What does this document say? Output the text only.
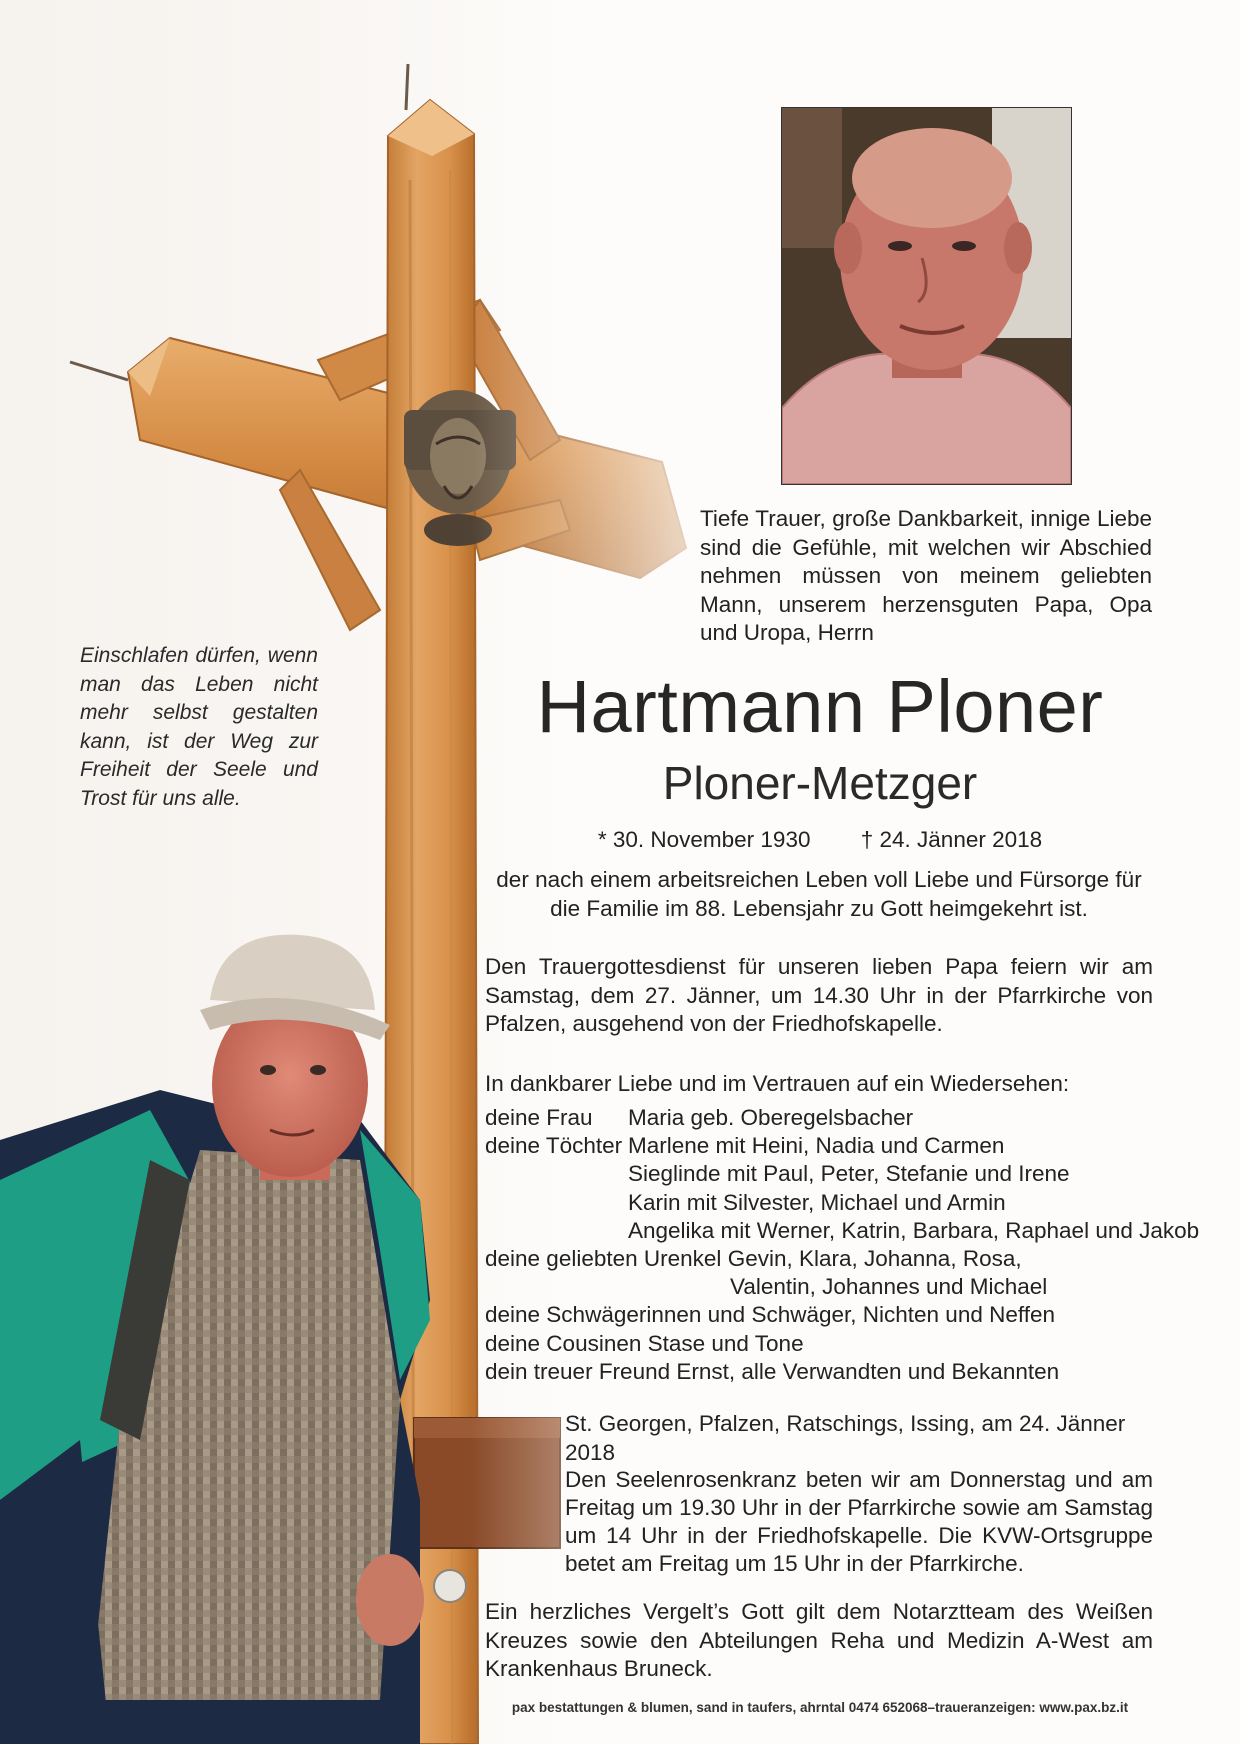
Tiefe Trauer, große Dankbarkeit, innige Liebe sind die Gefühle, mit welchen wir Abschied nehmen müssen von meinem geliebten Mann, unserem herzensguten Papa, Opa und Uropa, Herrn

Hartmann Ploner
Ploner-Metzger
* 30. November 1930 † 24. Jänner 2018

der nach einem arbeitsreichen Leben voll Liebe und Fürsorge für die Familie im 88. Lebensjahr zu Gott heimgekehrt ist.

Den Trauergottesdienst für unseren lieben Papa feiern wir am Samstag, dem 27. Jänner, um 14.30 Uhr in der Pfarrkirche von Pfalzen, ausgehend von der Friedhofskapelle.

In dankbarer Liebe und im Vertrauen auf ein Wiedersehen:

deine Frau	Maria geb. Oberegelsbacher
deine Töchter Marlene mit Heini, Nadia und Carmen
Sieglinde mit Paul, Peter, Stefanie und Irene
Karin mit Silvester, Michael und Armin
Angelika mit Werner, Katrin, Barbara, Raphael und Jakob
deine geliebten Urenkel
Gevin, Klara, Johanna, Rosa,
Valentin, Johannes und Michael
deine Schwägerinnen und Schwäger, Nichten und Neffen
deine Cousinen Stase und Tone
dein treuer Freund Ernst, alle Verwandten und Bekannten

St. Georgen, Pfalzen, Ratschings, Issing, am 24. Jänner 2018

Den Seelenrosenkranz beten wir am Donnerstag und am Freitag um 19.30 Uhr in der Pfarrkirche sowie am Samstag um 14 Uhr in der Friedhofskapelle. Die KVW-Ortsgruppe betet am Freitag um 15 Uhr in der Pfarrkirche.

Ein herzliches Vergelt’s Gott gilt dem Notarztteam des Weißen Kreuzes sowie den Abteilungen Reha und Medizin A-West am Krankenhaus Bruneck.

Einschlafen dürfen, wenn man das Leben nicht mehr selbst gestalten kann, ist der Weg zur Freiheit der Seele und Trost für uns alle.

pax bestattungen & blumen, sand in taufers, ahrntal 0474 652068–traueranzeigen: www.pax.bz.it
